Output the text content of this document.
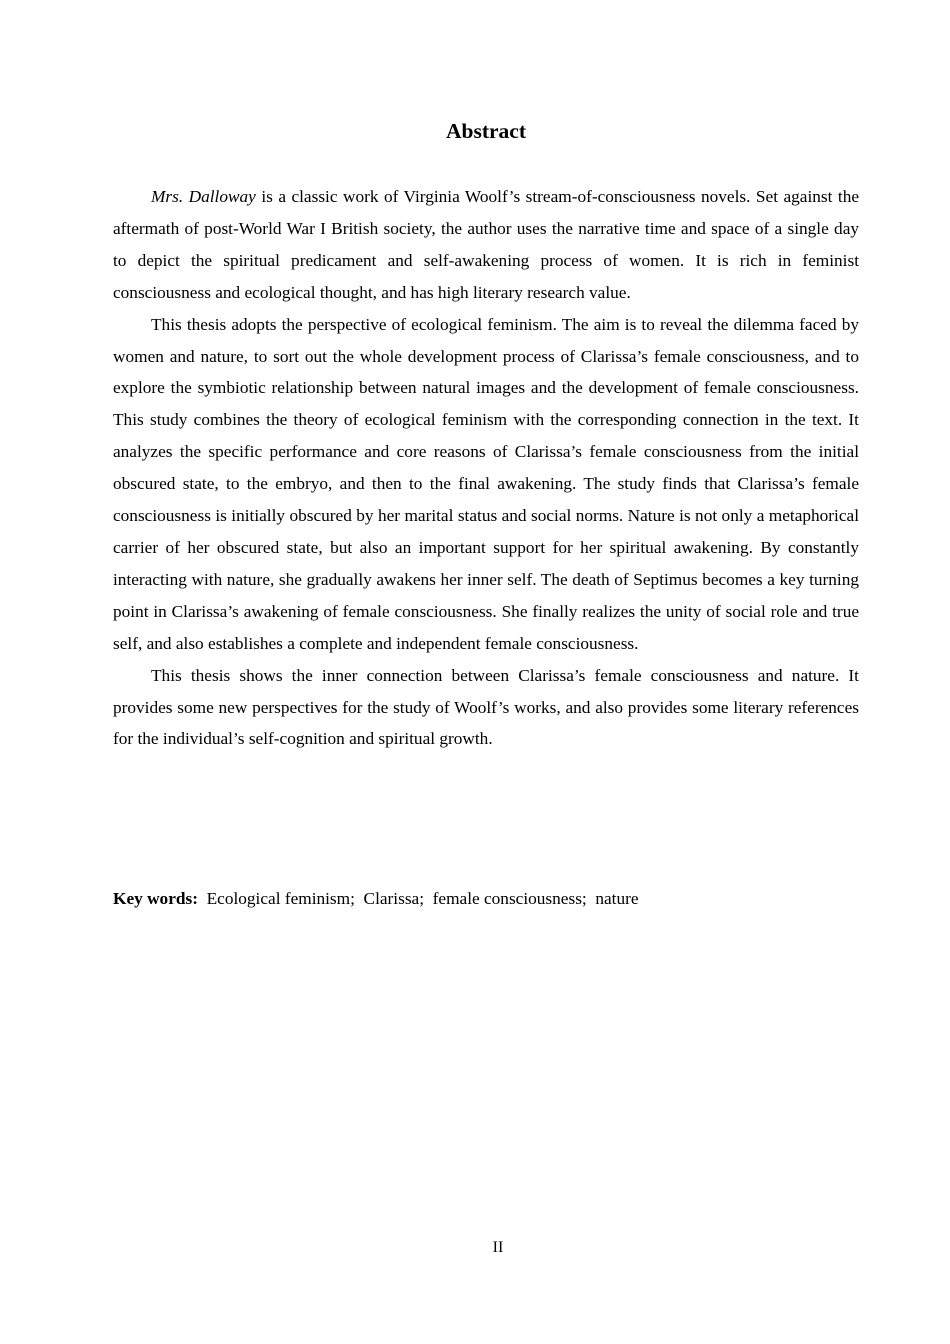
Abstract

Mrs. Dalloway is a classic work of Virginia Woolf’s stream-of-consciousness novels. Set against the aftermath of post-World War I British society, the author uses the narrative time and space of a single day to depict the spiritual predicament and self-awakening process of women. It is rich in feminist consciousness and ecological thought, and has high literary research value.

This thesis adopts the perspective of ecological feminism. The aim is to reveal the dilemma faced by women and nature, to sort out the whole development process of Clarissa’s female consciousness, and to explore the symbiotic relationship between natural images and the development of female consciousness. This study combines the theory of ecological feminism with the corresponding connection in the text. It analyzes the specific performance and core reasons of Clarissa’s female consciousness from the initial obscured state, to the embryo, and then to the final awakening. The study finds that Clarissa’s female consciousness is initially obscured by her marital status and social norms. Nature is not only a metaphorical carrier of her obscured state, but also an important support for her spiritual awakening. By constantly interacting with nature, she gradually awakens her inner self. The death of Septimus becomes a key turning point in Clarissa’s awakening of female consciousness. She finally realizes the unity of social role and true self, and also establishes a complete and independent female consciousness.

This thesis shows the inner connection between Clarissa’s female consciousness and nature. It provides some new perspectives for the study of Woolf’s works, and also provides some literary references for the individual’s self-cognition and spiritual growth.

Key words: Ecological feminism; Clarissa; female consciousness; nature

II
